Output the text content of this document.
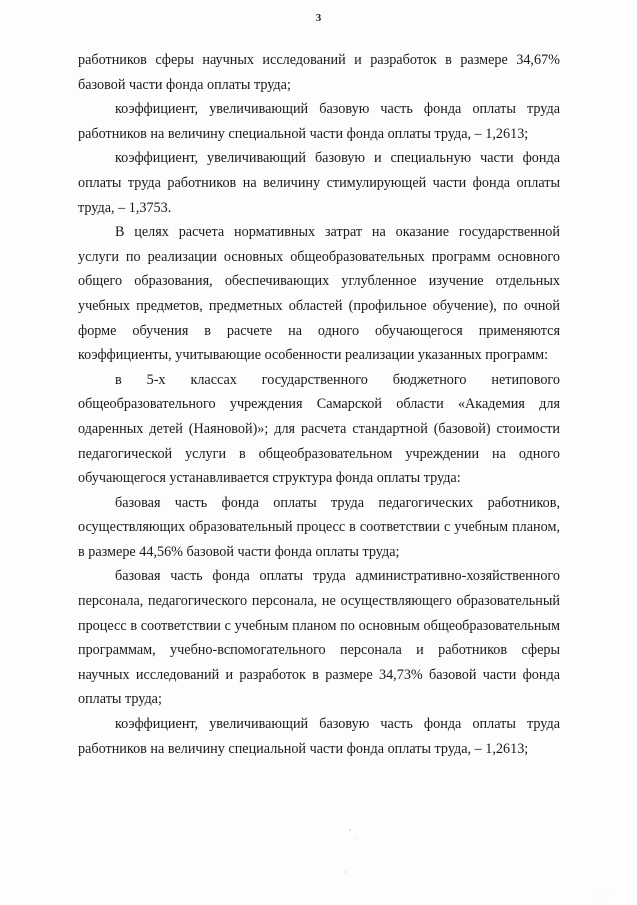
3

работников сферы научных исследований и разработок в размере 34,67% базовой части фонда оплаты труда;

коэффициент, увеличивающий базовую часть фонда оплаты труда работников на величину специальной части фонда оплаты труда, – 1,2613;

коэффициент, увеличивающий базовую и специальную части фонда оплаты труда работников на величину стимулирующей части фонда оплаты труда, – 1,3753.

В целях расчета нормативных затрат на оказание государственной услуги по реализации основных общеобразовательных программ основного общего образования, обеспечивающих углубленное изучение отдельных учебных предметов, предметных областей (профильное обучение), по очной форме обучения в расчете на одного обучающегося применяются коэффициенты, учитывающие особенности реализации указанных программ:

в 5-х классах государственного бюджетного нетипового общеобразовательного учреждения Самарской области «Академия для одаренных детей (Наяновой)»; для расчета стандартной (базовой) стоимости педагогической услуги в общеобразовательном учреждении на одного обучающегося устанавливается структура фонда оплаты труда:

базовая часть фонда оплаты труда педагогических работников, осуществляющих образовательный процесс в соответствии с учебным планом, в размере 44,56% базовой части фонда оплаты труда;

базовая часть фонда оплаты труда административно-хозяйственного персонала, педагогического персонала, не осуществляющего образовательный процесс в соответствии с учебным планом по основным общеобразовательным программам, учебно-вспомогательного персонала и работников сферы научных исследований и разработок в размере 34,73% базовой части фонда оплаты труда;

коэффициент, увеличивающий базовую часть фонда оплаты труда работников на величину специальной части фонда оплаты труда, – 1,2613;
